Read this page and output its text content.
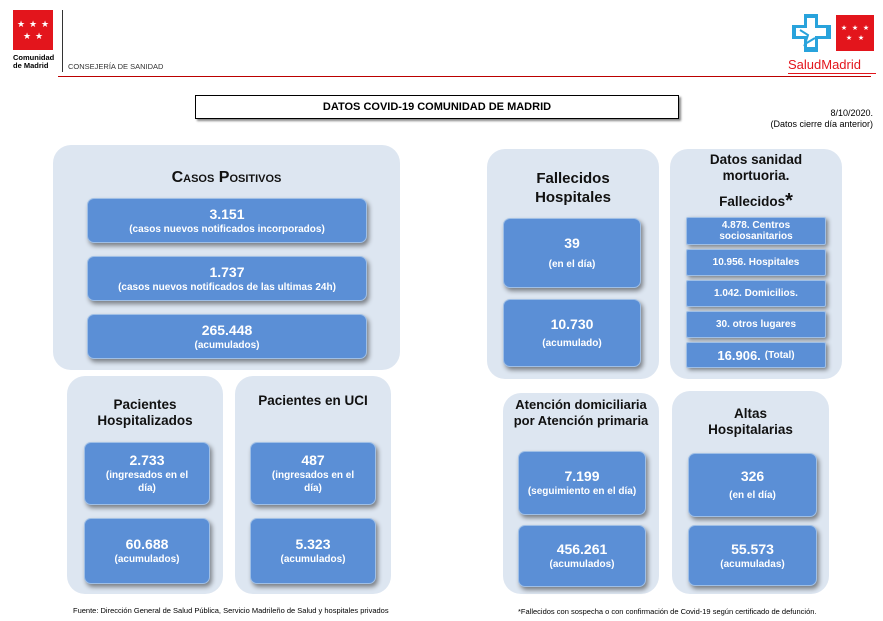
★ ★ ★
★ ★
Comunidad
de Madrid	CONSEJERÍA DE SANIDAD
★ ★ ★
★ ★
SaludMadrid
DATOS COVID-19 COMUNIDAD DE MADRID	8/10/2020.
(Datos cierre día anterior)
Casos Positivos
3.151
(casos nuevos notificados incorporados)
1.737
(casos nuevos notificados de las ultimas 24h)
265.448
(acumulados)
Pacientes Hospitalizados
2.733
(ingresados en el día)
60.688
(acumulados)
Pacientes en UCI
487
(ingresados en el día)
5.323
(acumulados)
Fallecidos Hospitales
39
(en el día)
10.730
(acumulado)
Datos sanidad
mortuoria.
Fallecidos*
4.878. Centros sociosanitarios
10.956. Hospitales
1.042. Domicilios.
30. otros lugares
16.906. (Total)
Atención domiciliaria por Atención primaria
7.199
(seguimiento en el día)
456.261
(acumulados)
Altas Hospitalarias
326
(en el día)
55.573
(acumuladas)
Fuente: Dirección General de Salud Pública, Servicio Madrileño de Salud y hospitales privados	*Fallecidos con sospecha o con confirmación de Covid-19 según certificado de defunción.
